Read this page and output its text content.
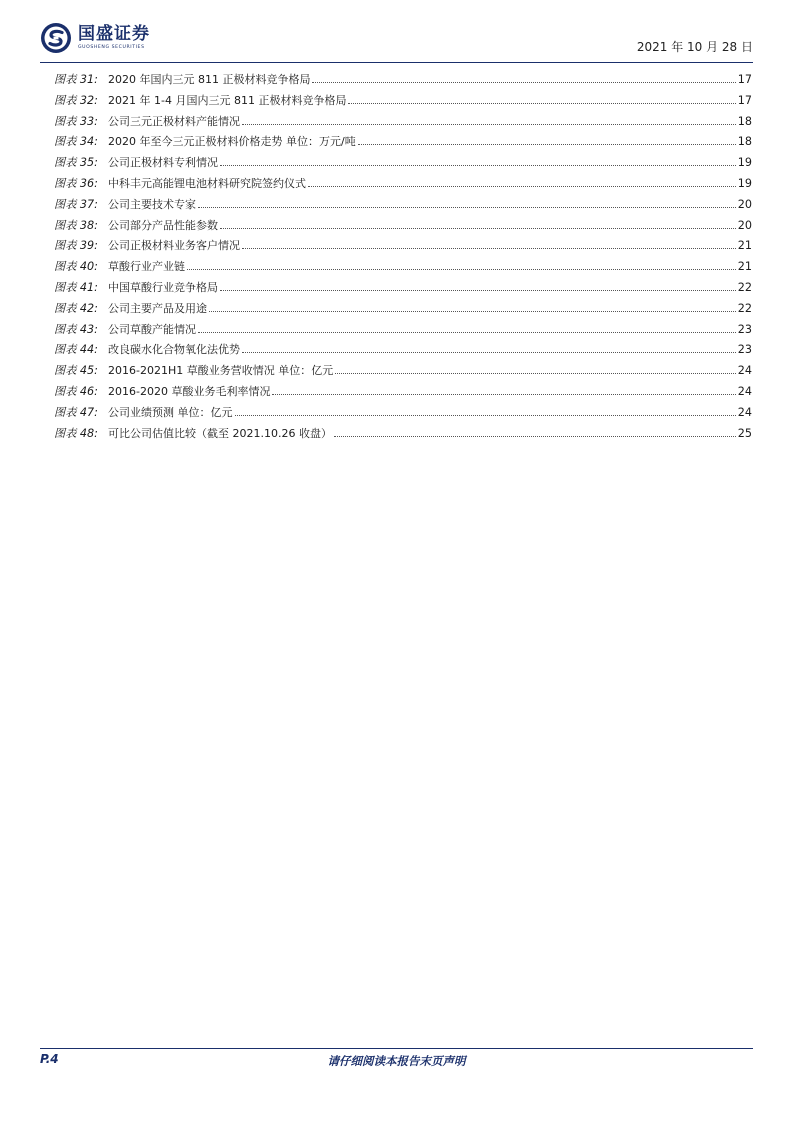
国盛证券
GUOSHENG SECURITIES	2021 年 10 月 28 日
图表 31: 2020 年国内三元 811 正极材料竞争格局	17
图表 32: 2021 年 1-4 月国内三元 811 正极材料竞争格局	17
图表 33: 公司三元正极材料产能情况	18
图表 34: 2020 年至今三元正极材料价格走势 单位：万元/吨	18
图表 35: 公司正极材料专利情况	19
图表 36: 中科丰元高能锂电池材料研究院签约仪式	19
图表 37: 公司主要技术专家	20
图表 38: 公司部分产品性能参数	20
图表 39: 公司正极材料业务客户情况	21
图表 40: 草酸行业产业链	21
图表 41: 中国草酸行业竞争格局	22
图表 42: 公司主要产品及用途	22
图表 43: 公司草酸产能情况	23
图表 44: 改良碳水化合物氧化法优势	23
图表 45: 2016-2021H1 草酸业务营收情况 单位：亿元	24
图表 46: 2016-2020 草酸业务毛利率情况	24
图表 47: 公司业绩预测 单位：亿元	24
图表 48: 可比公司估值比较（截至 2021.10.26 收盘）	25
P.4	请仔细阅读本报告末页声明
